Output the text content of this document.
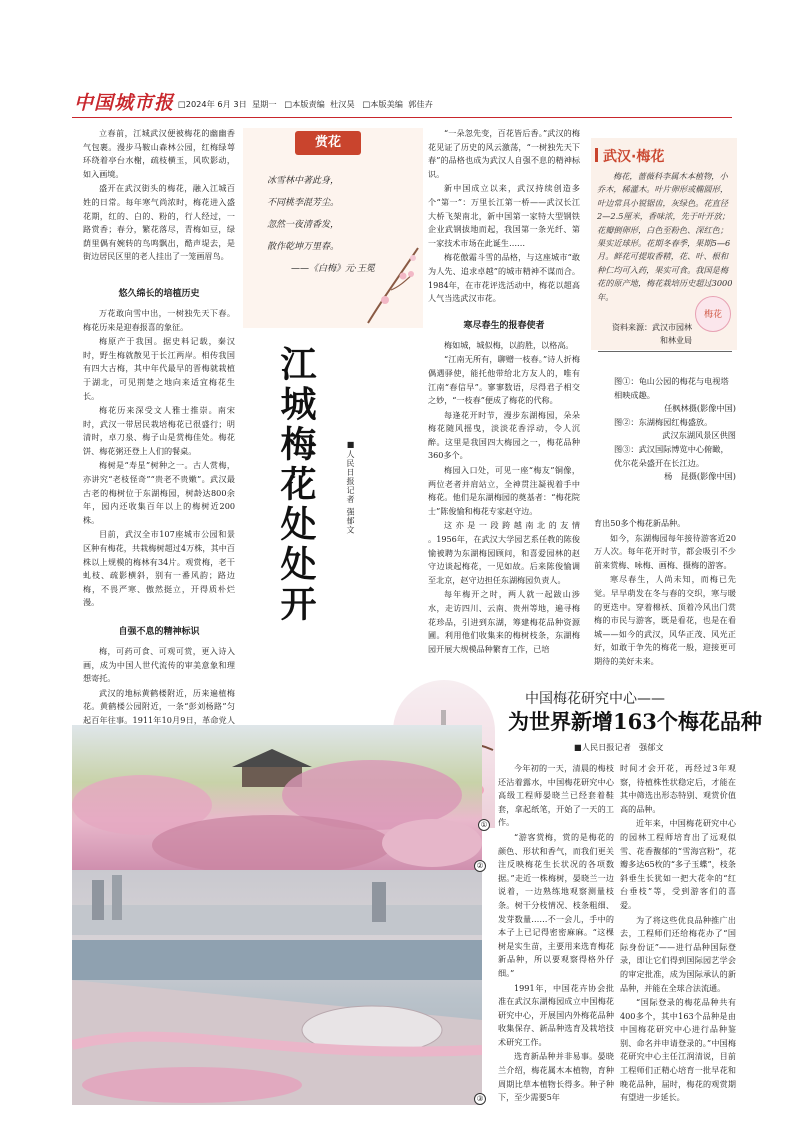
中国城市报 □2024年 6月 3日 星期一 □本版责编 杜汉昊 □本版美编 郭佳卉

立春前，江城武汉便被梅花的幽幽香气包裹。漫步马鞍山森林公园，红梅绿萼环绕着亭台水榭，疏枝横玉，风吹影动，如入画境。

盛开在武汉街头的梅花，融入江城百姓的日常。每年寒气尚浓时，梅花进入盛花期，红的、白的、粉的，行人经过，一路赏香；春分，繁花落尽，青梅如豆，绿荫里偶有婉转的鸟鸣飘出，酷声堤去，是街边居民区里的老人挂出了一笼画眉鸟。

悠久绵长的培植历史

万花敢向雪中出，一树独先天下春。梅花历来是迎春报喜的象征。

梅原产于我国。据史料记载，秦汉时，野生梅就散见于长江两岸。相传我国有四大古梅，其中年代最早的晋梅就栽植于湖北，可见荆楚之地向来适宜梅花生长。

梅花历来深受文人雅士推崇。南宋时，武汉一带居民栽培梅花已很盛行；明清时，卓刀泉、梅子山是赏梅佳处。梅花饼、梅花粥还登上人们的餐桌。

梅树是“寿星”树种之一。古人赏梅，亦讲究“老枝怪奇”“贵老不贵嫩”。武汉最古老的梅树位于东湖梅园，树龄达800余年，园内还收集百年以上的梅树近200株。

目前，武汉全市107座城市公园和景区种有梅花，共栽梅树超过4万株，其中百株以上规模的梅林有34片。观赏梅，老干虬枝、疏影横斜，别有一番风韵；路边梅，不畏严寒、傲然挺立，开得质朴烂漫。

自强不息的精神标识

梅，可药可食、可观可赏，更入诗入画，成为中国人世代流传的审美意象和理想寄托。

武汉的地标黄鹤楼附近，历来遍植梅花。黄鹤楼公园附近，一条“彭刘杨路”匀起百年往事。1911年10月9日，革命党人

赏花
冰雪林中著此身，
不同桃李混芳尘。
忽然一夜清香发，
散作乾坤万里春。
——《白梅》元·王冕
江城梅花处处开	■人民日报记者 强郁文

“一朵忽先变，百花皆后香。”武汉的梅花见证了历史的风云激荡，“一树独先天下春”的品格也成为武汉人自强不息的精神标识。

新中国成立以来，武汉持续创造多个“第一”：万里长江第一桥——武汉长江大桥飞架南北，新中国第一家特大型钢铁企业武钢拔地而起，我国第一条光纤、第一家技术市场在此诞生……

梅花傲霜斗雪的品格，与这座城市“敢为人先、追求卓越”的城市精神不谋而合。1984年，在市花评选活动中，梅花以超高人气当选武汉市花。

寒尽春生的报春使者

梅如城，城似梅，以韵胜，以格高。

“江南无所有，聊赠一枝春。”诗人折梅偶遇驿使，能托他带给北方友人的，唯有江南“春信早”。寥寥数语，尽得君子相交之妙，“一枝春”便成了梅花的代称。

每逢花开时节，漫步东湖梅园，朵朵梅花随风摇曳，淡淡花香浮动，令人沉醉。这里是我国四大梅园之一，梅花品种360多个。

梅园入口处，可见一座“梅友”铜像，两位老者并肩站立，全神贯注凝视着手中梅花。他们是东湖梅园的奠基者：“梅花院士”陈俊愉和梅花专家赵守边。

这 亦 是 一 段 跨 越 南 北 的 友 情 。1956年，在武汉大学园艺系任教的陈俊愉被聘为东湖梅园顾问，和喜爱园林的赵守边谈起梅花，一见如故。后来陈俊愉调至北京，赵守边担任东湖梅园负责人。

每年梅开之时，两人就一起跋山涉水，走访四川、云南、贵州等地，遍寻梅花珍品，引进到东湖，筹建梅花品种资源圃。利用他们收集来的梅树枝条，东湖梅园开展大规模品种繁育工作，已培

武汉·梅花

梅花，蔷薇科李属木本植物，小乔木，稀灌木。叶片卵形或椭圆形，叶边常具小锐锯齿，灰绿色。花直径2—2.5厘米，香味浓，先于叶开放；花瓣倒卵形，白色至粉色、深红色；果实近球形。花期冬春季，果期5—6月。鲜花可提取香精，花、叶、根和种仁均可入药，果实可食。我国是梅花的原产地，梅花栽培历史超过3000年。

梅花
资料来源：武汉市园林和林业局
图①：龟山公园的梅花与电视塔相映成趣。
任枫林摄(影像中国)
图②：东湖梅园红梅盛放。
武汉东湖风景区供图
图③：武汉国际博览中心俯瞰，优尔花朵盛开在长江边。
杨　昆摄(影像中国)

育出50多个梅花新品种。

如今，东湖梅园每年接待游客近20万人次。每年花开时节，都会吸引不少前来赏梅、咏梅、画梅、摄梅的游客。

寒尽春生，人尚未知，而梅已先觉。早早萌发在冬与春的交织，寒与暖的更迭中。穿着棉袄、顶着冷风出门赏梅的市民与游客，既是看花，也是在看城——如今的武汉，风华正茂、风光正好，如敢于争先的梅花一般，迎接更可期待的美好未来。

①
②
③
中国梅花研究中心——
为世界新增163个梅花品种
■人民日报记者　强郁文

今年初的一天，清晨的梅枝还沾着露水，中国梅花研究中心高级工程师晏晓兰已经套着鞋套，拿起纸笔，开始了一天的工作。

“游客赏梅，赏的是梅花的颜色、形状和香气，而我们更关注反映梅花生长状况的各项数据。”走近一株梅树，晏晓兰一边说着，一边熟练地观察测量枝条。树干分枝情况、枝条粗细、发芽数量……不一会儿，手中的本子上已记得密密麻麻。“这棵树是实生苗，主要用来选育梅花新品种，所以要观察得格外仔细。”

1991年，中国花卉协会批准在武汉东湖梅园成立中国梅花研究中心，开展国内外梅花品种收集保存、新品种选育及栽培技术研究工作。

选育新品种并非易事。晏晓兰介绍，梅花属木本植物，育种周期比草本植物长得多。种子种下，至少需要5年

时间才会开花，再经过3年观察，待植株性状稳定后，才能在其中筛选出形态特别、观赏价值高的品种。

近年来，中国梅花研究中心的园林工程师培育出了远观似雪、花香馥郁的“雪海宫粉”，花瓣多达65枚的“多子玉蝶”，枝条斜垂生长犹如一把大花伞的“红台垂枝”等，受到游客们的喜爱。

为了将这些优良品种推广出去，工程师们还给梅花办了“国际身份证”——进行品种国际登录，即让它们得到国际园艺学会的审定批准，成为国际承认的新品种，并能在全球合法流通。

“国际登录的梅花品种共有400多个，其中163个品种是由中国梅花研究中心进行品种鉴别、命名并申请登录的。”中国梅花研究中心主任江润清说，目前工程师们正精心培育一批早花和晚花品种，届时，梅花的观赏期有望进一步延长。
